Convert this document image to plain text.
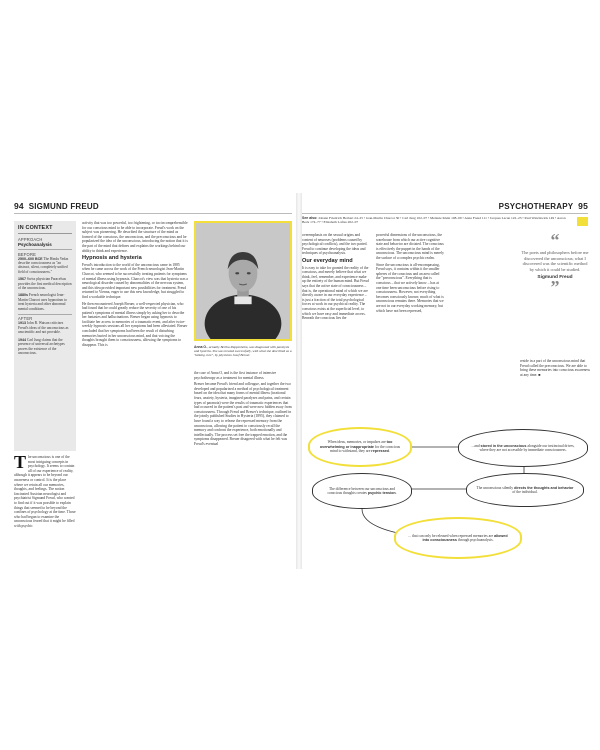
94 SIGMUND FREUD
IN CONTEXT
APPROACH
Psychoanalysis
BEFORE
2500–600 BCE The Hindu Vedas describe consciousness as "an abstract, silent, completely unified field of consciousness."
1567 Swiss physician Paracelsus provides the first medical description of the unconscious.
1880s French neurologist Jean-Martin Charcot uses hypnotism to treat hysteria and other abnormal mental conditions.
AFTER
1913 John B. Watson criticizes Freud's ideas of the unconscious as unscientific and not provable.
1944 Carl Jung claims that the presence of universal archetypes proves the existence of the unconscious.
The unconscious is one of the most intriguing concepts in psychology. It seems to contain all of our experience of reality, although it appears to be beyond our awareness or control. It is the place where we retain all our memories, thoughts, and feelings. The notion fascinated Austrian neurologist and psychiatrist Sigmund Freud, who wanted to find out if it was possible to explain things that seemed to be beyond the confines of psychology at the time. Those who had begun to examine the unconscious feared that it might be filled with psychic

activity that was too powerful, too frightening, or too incomprehensible for our conscious mind to be able to incorporate. Freud's work on the subject was pioneering. He described the structure of the mind as formed of the conscious, the unconscious, and the preconscious and he popularized the idea of the unconscious, introducing the notion that it is the part of the mind that defines and explains the workings behind our ability to think and experience.

Hypnosis and hysteria

Freud's introduction to the world of the unconscious came in 1885 when he came across the work of the French neurologist Jean-Martin Charcot, who seemed to be successfully treating patients for symptoms of mental illness using hypnosis. Charcot's view was that hysteria was a neurological disorder caused by abnormalities of the nervous system, and this idea provided important new possibilities for treatment. Freud returned to Vienna, eager to use this new knowledge, but struggled to find a workable technique.

He then encountered Joseph Breuer, a well-respected physician, who had found that he could greatly reduce the severity of one of his patient's symptoms of mental illness simply by asking her to describe her fantasies and hallucinations. Breuer began using hypnosis to facilitate her access to memories of a traumatic event, and after twice-weekly hypnosis sessions all her symptoms had been alleviated. Breuer concluded that her symptoms had been the result of disturbing memories buried in her unconscious mind, and that voicing the thoughts brought them to consciousness, allowing the symptoms to disappear. This is

Anna O., actually Bertha Pappenheim, was diagnosed with paralysis and hysteria. She was treated successfully, with what she described as a "talking cure", by physician Josef Breuer.

the case of Anna O, and is the first instance of intensive psychotherapy as a treatment for mental illness.

Breuer became Freud's friend and colleague, and together the two developed and popularized a method of psychological treatment based on the idea that many forms of mental illness (irrational fears, anxiety, hysteria, imagined paralyses and pains, and certain types of paranoia) were the results of traumatic experiences that had occurred in the patient's past and were now hidden away from consciousness. Through Freud and Breuer's technique, outlined in the jointly published Studies in Hysteria (1895), they claimed to have found a way to release the repressed memory from the unconscious, allowing the patient to consciously recall the memory and confront the experience, both emotionally and intellectually. The process set free the trapped emotion, and the symptoms disappeared. Breuer disagreed with what he felt was Freud's eventual

PSYCHOTHERAPY 95
See also: Johann Friedrich Herbart 24–25 • Jean-Martin Charcot 30 • Carl Jung 102–07 • Melanie Klein 108–09 • Anna Freud 111 • Jacques Lacan 122–23 • Paul Watzlawick 149 • Aaron Beck 174–77 • Elizabeth Loftus 202–07

overemphasis on the sexual origins and content of neuroses (problems caused by psychological conflicts), and the two parted. Freud to continue developing the ideas and techniques of psychoanalysis.

Our everyday mind

It is easy to take for granted the reality of the conscious, and merely believe that what we think, feel, remember, and experience make up the entirety of the human mind. But Freud says that the active state of consciousness – that is, the operational mind of which we are directly aware in our everyday experience – is just a fraction of the total psychological forces at work in our psychical reality. The conscious exists at the superficial level, to which we have easy and immediate access. Beneath the conscious lies the

powerful dimensions of the unconscious, the warehouse from which our active cognitive state and behavior are dictated. The conscious is effectively the puppet in the hands of the unconscious. The unconscious mind is merely the surface of a complex psychic realm.

Since the unconscious is all-encompassing, Freud says, it contains within it the smaller spheres of the conscious and an area called the "preconscious". Everything that is conscious – that we actively know – has at one time been unconscious before rising to consciousness. However, not everything becomes consciously known; much of what is unconscious remains there. Memories that we are not in our everyday working memory, but which have not been repressed,

“
The poets and philosophers before me discovered the unconscious; what I discovered was the scientific method by which it could be studied.
Sigmund Freud
”

reside in a part of the unconscious mind that Freud called the preconscious. We are able to bring these memories into conscious awareness at any time. ■

When ideas, memories, or impulses are too overwhelming or inappropriate for the conscious mind to withstand, they are repressed.
...and stored in the unconscious alongside our instinctual drives, where they are not accessible by immediate consciousness.
The difference between our unconscious and conscious thoughts creates psychic tension.
The unconscious silently directs the thoughts and behavior of the individual.
... that can only be released when repressed memories are allowed into consciousness through psychoanalysis.
